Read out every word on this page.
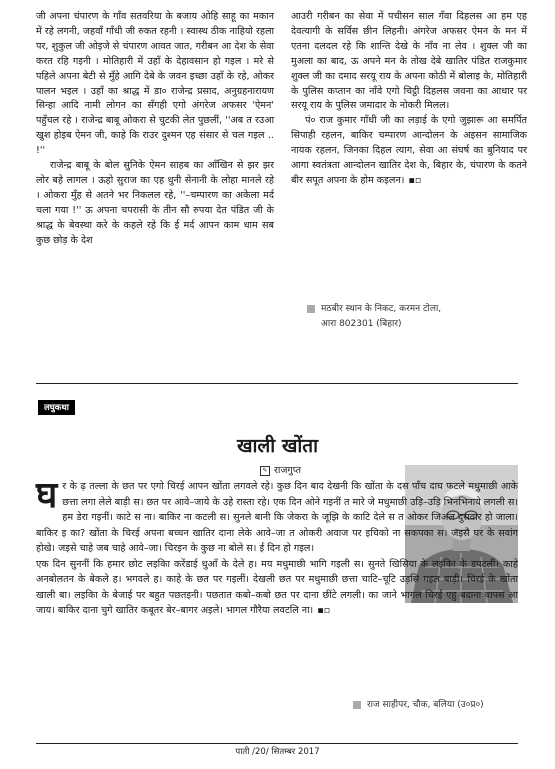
जी अपना चंपारण के गाँव सतवरिया के बजाय ओहि साहू का मकान में रहे लगनी, जहवाँ गाँधी जी रुकत रहनी । स्वास्थ ठीक नाहियो रहला पर, शुकुल जी ओइजे से चंपारण आवत जात, गरीबन आ देश के सेवा करत रहि गइनी । मोतिहारी में उहाँ के देहावसान हो गइल । मरे से पहिले अपना बेटी से मुँहे आगि देबे के जवन इच्छा उहाँ के रहे, ओकर पालन भइल । उहाँ का श्राद्ध में डा० राजेन्द्र प्रसाद, अनुग्रहनारायण सिन्हा आदि नामी लोगन का सँगही एगो अंगरेज अफसर 'ऐमन' पहुँचल रहे । राजेन्द्र बाबू ओकरा से चुटकी लेत पुछलीं, ''अब त रउआ खुश होइब ऐमन जी, काहे कि राउर दुश्मन एह संसार से चल गइल .. !''

राजेन्द्र बाबू के बोल सुनिके ऐमन साहब का आँखिन से झर झर लोर बहे लागल । ऊहो सुराज का एह धुनी सेनानी के लोहा मानले रहे । ओकरा मुँह से अतने भर निकलल रहे, ''–चम्पारण का अकेला मर्द चला गया !'' ऊ अपना चपरासी के तीन सौ रुपया देत पंडित जी के श्राद्ध के बेवस्था करे के कहले रहे कि ई मर्द आपन काम धाम सब कुछ छोड़ के देश

आउरी गरीबन का सेवा में पचीसन साल गँवा दिहलस आ हम एह देवत्यागी के सर्विस छीन लिहनी। अंगरेज अफसर ऐमन के मन में एतना दलदल रहे कि शान्ति देखे के नाँव ना लेव । शुक्ल जी का मुअला का बाद, ऊ अपने मन के तोख देबे खातिर पंडित राजकुमार शुक्ल जी का दमाद सरयू राय के अपना कोठी में बोलाइ के, मोतिहारी के पुलिस कप्तान का नाँवे एगो चिट्ठी दिहलस जवना का आधार पर सरयू राय के पुलिस जमादार के नोकरी मिलल।

पं० राज कुमार गाँधी जी का लड़ाई के एगो जुझारू आ समर्पित सिपाही रहलन, बाकिर चम्पारण आन्दोलन के अइसन सामाजिक नायक रहलन, जिनका दिहल त्याग, सेवा आ संघर्ष का बुनियाद पर आगा स्वतंत्रता आन्दोलन खातिर देश के, बिहार के, चंपारण के कतने बीर सपूत अपना के होम कइलन। ▪▫

मठबीर स्थान के निकट, करमन टोला,
आरा 802301 (बिहार)
लघुकथा
खाली खोंता
✎ राजगुप्त

घर के ढ़ तल्ला के छत पर एगो चिरई आपन खोंता लगवले रहे। कुछ दिन बाद देखनी कि खोंता के दस पाँच दाघ फटले मधुमाछी आके छत्ता लगा लेले बाड़ी स। छत पर आवे–जाये के उहे रास्ता रहे। एक दिन ओने गइनीं त मारे जे मधुमाछी उड़ि–उड़ि भिनभिनाये लगली स। हम डेरा गइनीं। काटे स ना। बाकिर ना कटली स। सुनले बानी कि जेकरा के जूझि के काटि देले स त ओकर जिअल दुसवार हो जाला। बाकिर इ का? खोंता के चिरई अपना बच्चन खातिर दाना लेके आवे–जा त ओकरी अवाज पर इचिको ना सकपका स। जइसे घर के सवांग होखे। जइसे चाहे जब चाहे आवे–जा। चिरइन के कुछ ना बोले स। ई दिन हो गइल।

एक दिन सुननीं कि हमार छोट लइकिा करेंडाई धुआँ के देले ह। मय मधुमाछी भागि गइली स। सुनते खिसिया के लइकिा के डपटलीं। काहे अनबोलतन के बेकले ह। भगवले ह। काहे के छत पर गइलीं। देखली छत पर मधुमाछी छत्ता चाटि–चूटि उड़सि गइल बाड़ी। चिरई के खोंता खाली बा। लइकिा के बेजाई पर बहुत पछतइनी। पछतात कबो–कबो छत पर दाना छींटे लगली। का जाने भागल चिरई एहु बदाना वापस आ जाय। बाकिर दाना चुगे खातिर कबूतर बेर–बागर अइले। भागल गौरैया लवटलि ना। ▪▫

राज साहीपर, चौक, बलिया (उ०प्र०)
पाती /20/ सितम्बर 2017
